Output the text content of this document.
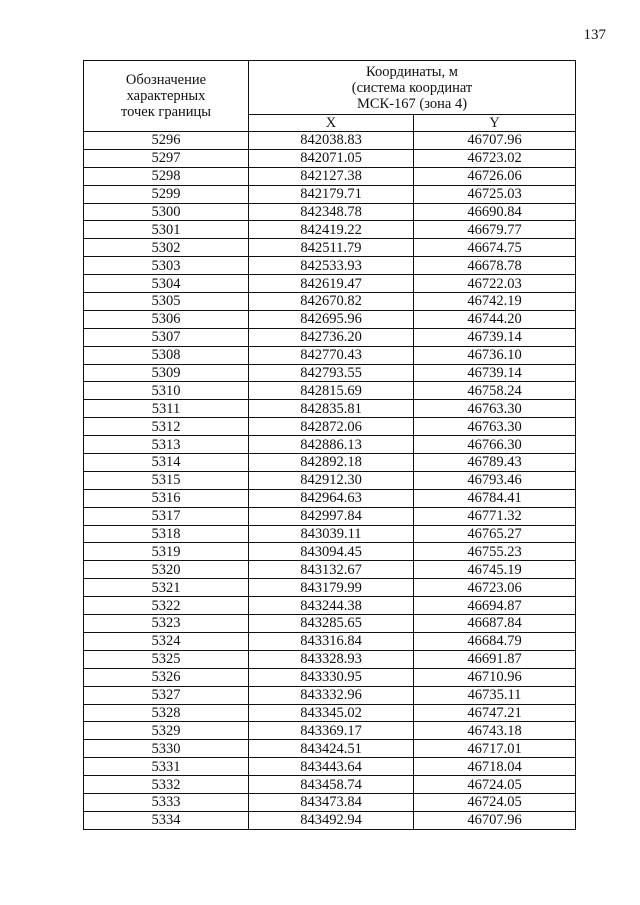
137
Обозначение
характерных
точек границы	Координаты, м
(система координат
МСК-167 (зона 4)	

	X	Y
5296	842038.83	46707.96
5297	842071.05	46723.02
5298	842127.38	46726.06
5299	842179.71	46725.03
5300	842348.78	46690.84
5301	842419.22	46679.77
5302	842511.79	46674.75
5303	842533.93	46678.78
5304	842619.47	46722.03
5305	842670.82	46742.19
5306	842695.96	46744.20
5307	842736.20	46739.14
5308	842770.43	46736.10
5309	842793.55	46739.14
5310	842815.69	46758.24
5311	842835.81	46763.30
5312	842872.06	46763.30
5313	842886.13	46766.30
5314	842892.18	46789.43
5315	842912.30	46793.46
5316	842964.63	46784.41
5317	842997.84	46771.32
5318	843039.11	46765.27
5319	843094.45	46755.23
5320	843132.67	46745.19
5321	843179.99	46723.06
5322	843244.38	46694.87
5323	843285.65	46687.84
5324	843316.84	46684.79
5325	843328.93	46691.87
5326	843330.95	46710.96
5327	843332.96	46735.11
5328	843345.02	46747.21
5329	843369.17	46743.18
5330	843424.51	46717.01
5331	843443.64	46718.04
5332	843458.74	46724.05
5333	843473.84	46724.05
5334	843492.94	46707.96
